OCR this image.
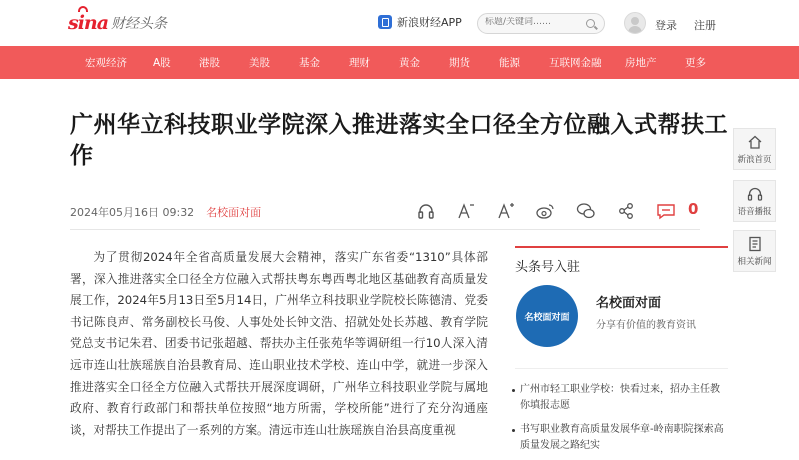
sina 财经头条	新浪财经APP
标题/关键词……	登录 注册
宏观经济	A股	港股	美股	基金	理财	黄金	期货	能源	互联网金融	房地产	更多
广州华立科技职业学院深入推进落实全口径全方位融入式帮扶工作
2024年05月16日 09:32 名校面对面	0

为了贯彻2024年全省高质量发展大会精神，落实广东省委“1310”具体部署，深入推进落实全口径全方位融入式帮扶粤东粤西粤北地区基础教育高质量发展工作，2024年5月13日至5月14日，广州华立科技职业学院校长陈德清、党委书记陈良声、常务副校长马俊、人事处处长钟文浩、招就处处长苏越、教育学院党总支书记朱君、团委书记张超越、帮扶办主任张苑华等调研组一行10人深入清远市连山壮族瑶族自治县教育局、连山职业技术学校、连山中学，就进一步深入推进落实全口径全方位融入式帮扶开展深度调研，广州华立科技职业学院与属地政府、教育行政部门和帮扶单位按照“地方所需，学校所能”进行了充分沟通座谈，对帮扶工作提出了一系列的方案。清远市连山壮族瑶族自治县高度重视

头条号入驻
名校面对面
名校面对面
分享有价值的教育资讯
广州市轻工职业学校：快看过来，招办主任教你填报志愿
书写职业教育高质量发展华章-岭南职院探索高质量发展之路纪实
新浪首页
语音播报
相关新闻
